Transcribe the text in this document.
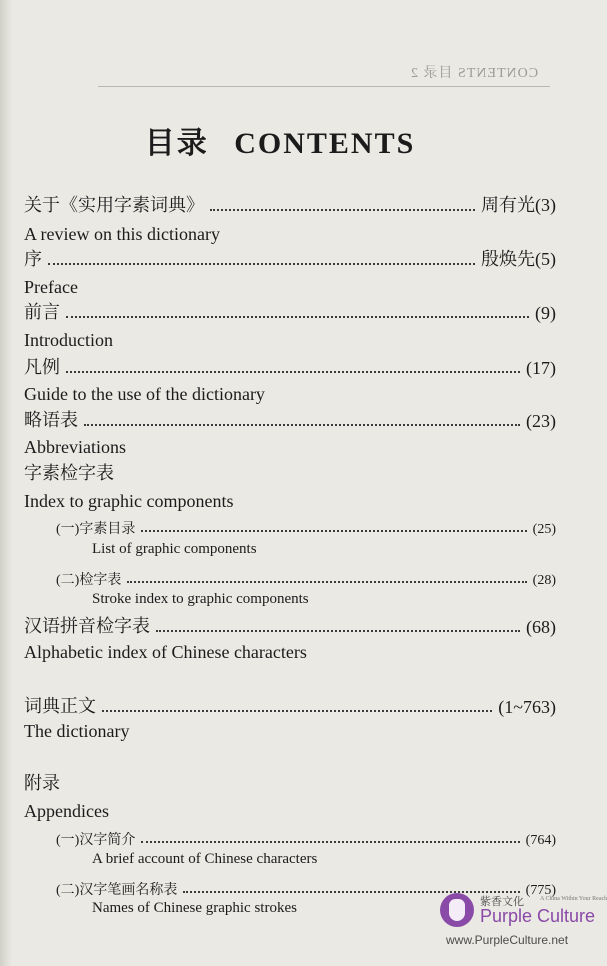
CONTENTS 目录 2
目录 CONTENTS
关于《实用字素词典》	周有光(3)
A review on this dictionary
序	殷焕先(5)
Preface
前言	(9)
Introduction
凡例	(17)
Guide to the use of the dictionary
略语表	(23)
Abbreviations
字素检字表
Index to graphic components
(一)字素目录	(25)
List of graphic components
(二)检字表	(28)
Stroke index to graphic components
汉语拼音检字表	(68)
Alphabetic index of Chinese characters
词典正文	(1~763)
The dictionary
附录
Appendices
(一)汉字简介	(764)
A brief account of Chinese characters
(二)汉字笔画名称表	(775)
Names of Chinese graphic strokes	紫香文化	A China Within Your Reach
Purple Culture
www.PurpleCulture.net
